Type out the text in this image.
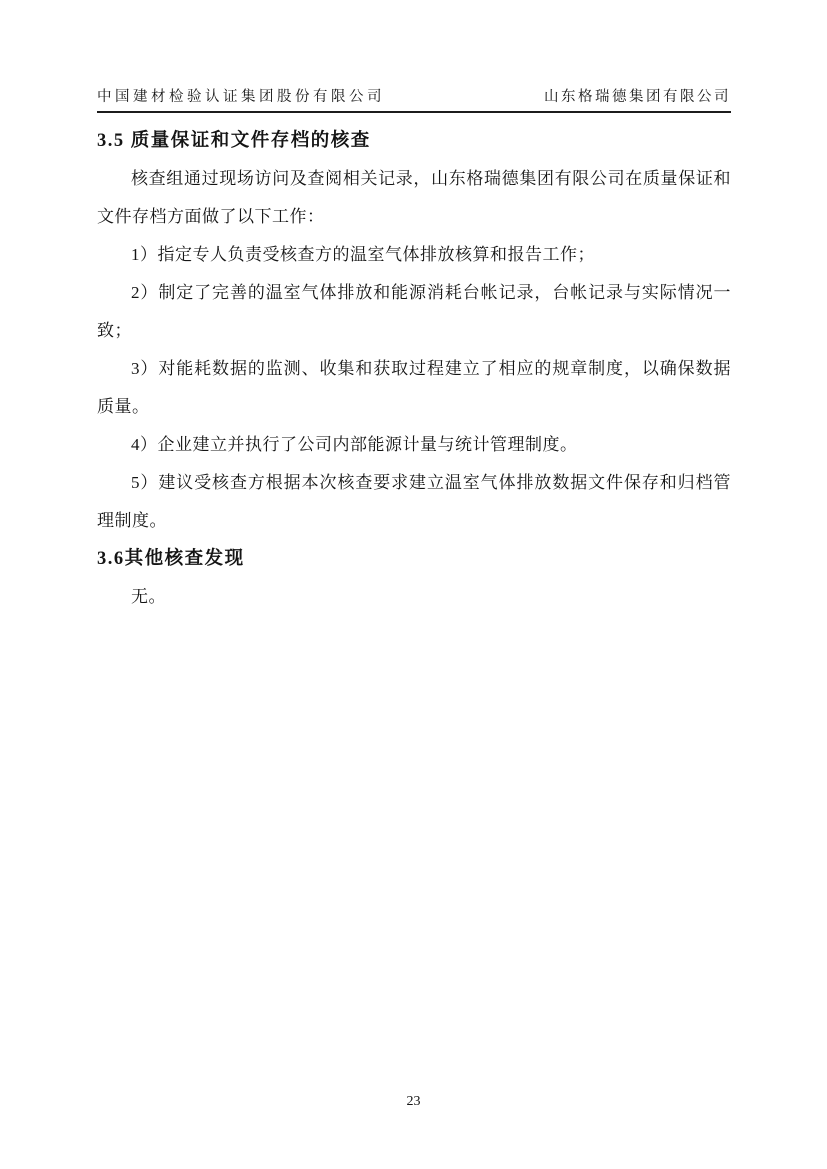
中国建材检验认证集团股份有限公司	山东格瑞德集团有限公司
3.5 质量保证和文件存档的核查

核查组通过现场访问及查阅相关记录，山东格瑞德集团有限公司在质量保证和文件存档方面做了以下工作：

1）指定专人负责受核查方的温室气体排放核算和报告工作；

2）制定了完善的温室气体排放和能源消耗台帐记录，台帐记录与实际情况一致；

3）对能耗数据的监测、收集和获取过程建立了相应的规章制度，以确保数据质量。

4）企业建立并执行了公司内部能源计量与统计管理制度。

5）建议受核查方根据本次核查要求建立温室气体排放数据文件保存和归档管理制度。

3.6其他核查发现

无。

23
